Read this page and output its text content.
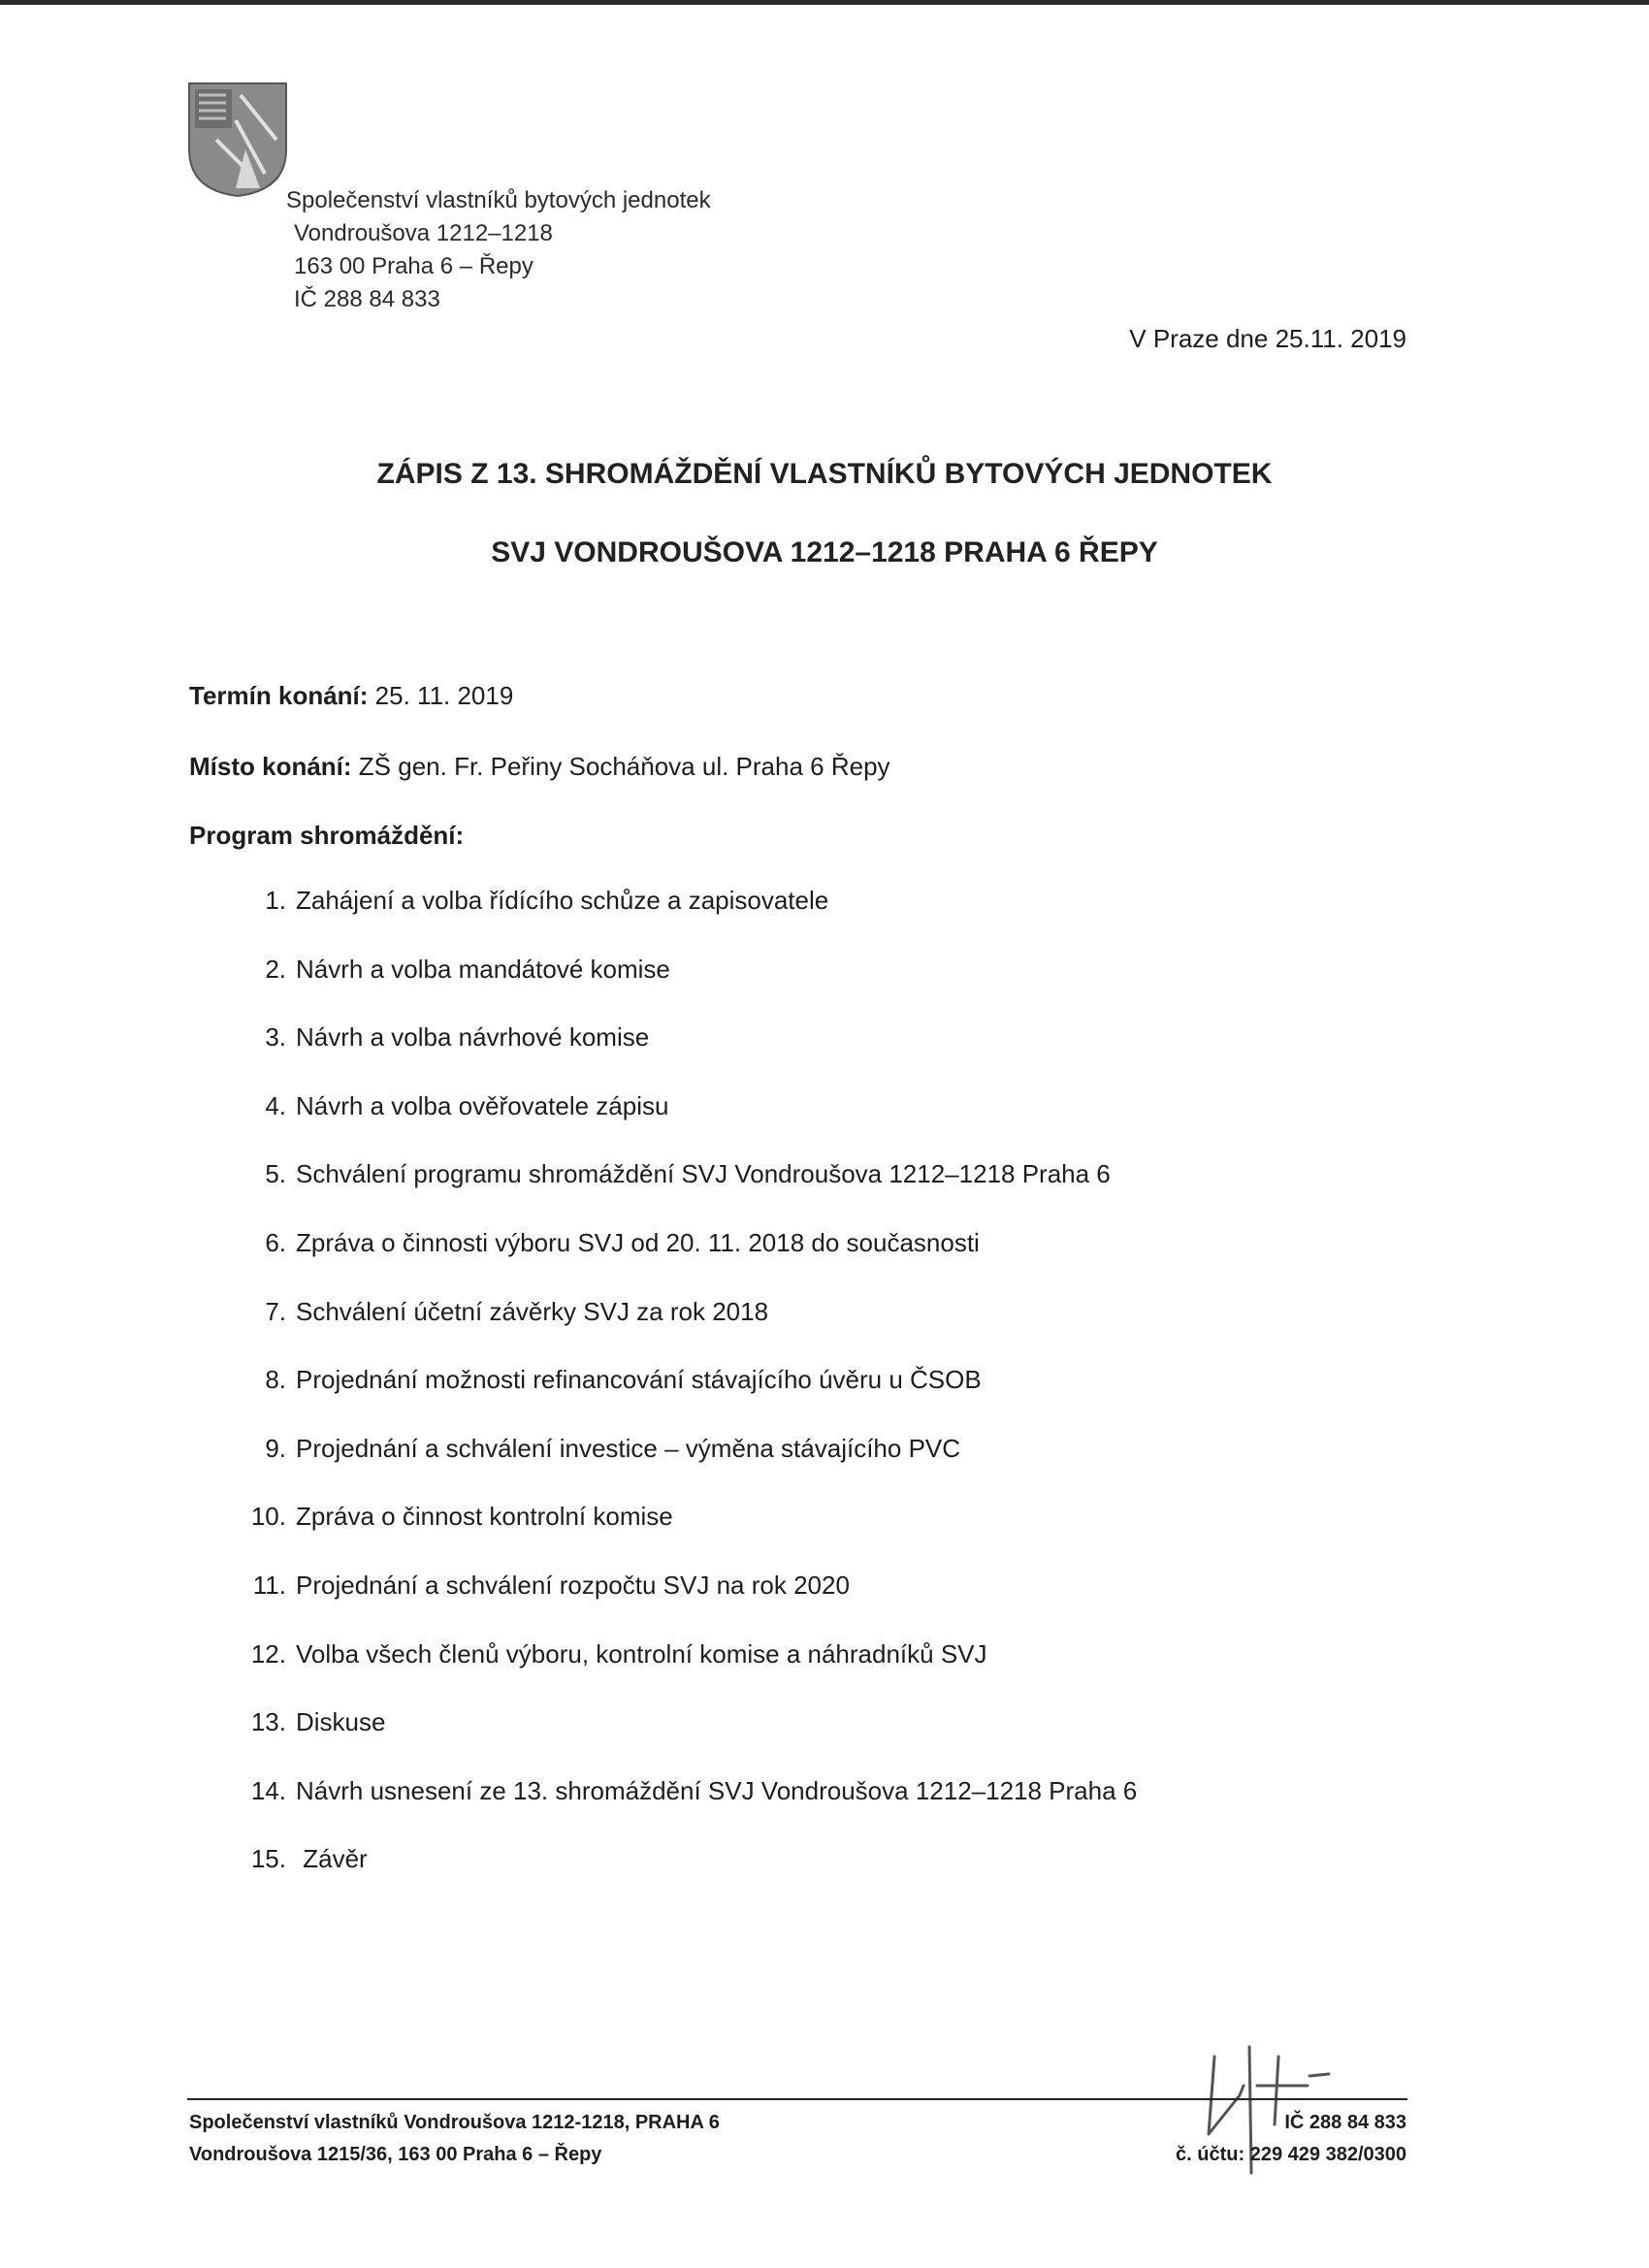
Společenství vlastníků bytových jednotek
Vondroušova 1212–1218
163 00 Praha 6 – Řepy
IČ 288 84 833
V Praze dne 25.11. 2019
ZÁPIS Z 13. SHROMÁŽDĚNÍ VLASTNÍKŮ BYTOVÝCH JEDNOTEK
SVJ VONDROUŠOVA 1212–1218 PRAHA 6 ŘEPY
Termín konání: 25. 11. 2019
Místo konání: ZŠ gen. Fr. Peřiny Socháňova ul. Praha 6 Řepy
Program shromáždění:
1. Zahájení a volba řídícího schůze a zapisovatele
2. Návrh a volba mandátové komise
3. Návrh a volba návrhové komise
4. Návrh a volba ověřovatele zápisu
5. Schválení programu shromáždění SVJ Vondroušova 1212–1218 Praha 6
6. Zpráva o činnosti výboru SVJ od 20. 11. 2018 do současnosti
7. Schválení účetní závěrky SVJ za rok 2018
8. Projednání možnosti refinancování stávajícího úvěru u ČSOB
9. Projednání a schválení investice – výměna stávajícího PVC
10. Zpráva o činnost kontrolní komise
11. Projednání a schválení rozpočtu SVJ na rok 2020
12. Volba všech členů výboru, kontrolní komise a náhradníků SVJ
13. Diskuse
14. Návrh usnesení ze 13. shromáždění SVJ Vondroušova 1212–1218 Praha 6
15. Závěr
Společenství vlastníků Vondroušova 1212-1218, PRAHA 6
Vondroušova 1215/36, 163 00 Praha 6 – Řepy
IČ 288 84 833
č. účtu: 229 429 382/0300
